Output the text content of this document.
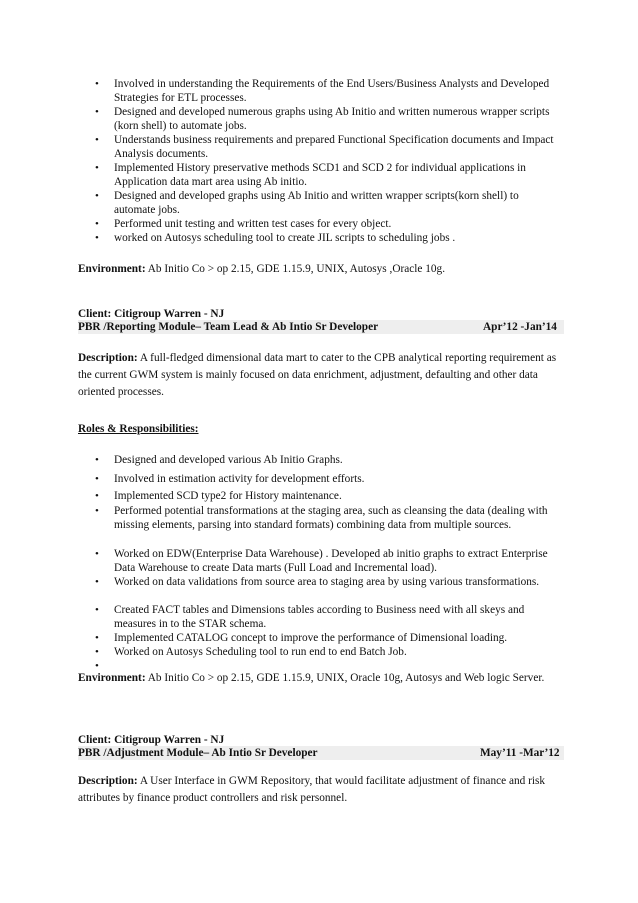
• Involved in understanding the Requirements of the End Users/Business Analysts and Developed Strategies for ETL processes.
• Designed and developed numerous graphs using Ab Initio and written numerous wrapper scripts (korn shell) to automate jobs.
• Understands business requirements and prepared Functional Specification documents and Impact Analysis documents.
• Implemented History preservative methods SCD1 and SCD 2 for individual applications in Application data mart area using Ab initio.
• Designed and developed graphs using Ab Initio and written wrapper scripts(korn shell) to automate jobs.
• Performed unit testing and written test cases for every object.
• worked on Autosys scheduling tool to create JIL scripts to scheduling jobs .
Environment: Ab Initio Co > op 2.15, GDE 1.15.9, UNIX, Autosys ,Oracle 10g.
Client: Citigroup Warren - NJ
PBR /Reporting Module– Team Lead & Ab Intio Sr Developer	Apr’12 -Jan’14
Description: A full-fledged dimensional data mart to cater to the CPB analytical reporting requirement as the current GWM system is mainly focused on data enrichment, adjustment, defaulting and other data oriented processes.
Roles & Responsibilities:
• Designed and developed various Ab Initio Graphs.
• Involved in estimation activity for development efforts.
• Implemented SCD type2 for History maintenance.
• Performed potential transformations at the staging area, such as cleansing the data (dealing with missing elements, parsing into standard formats) combining data from multiple sources.
• Worked on EDW(Enterprise Data Warehouse) . Developed ab initio graphs to extract Enterprise Data Warehouse to create Data marts (Full Load and Incremental load).
• Worked on data validations from source area to staging area by using various transformations.
• Created FACT tables and Dimensions tables according to Business need with all skeys and measures in to the STAR schema.
• Implemented CATALOG concept to improve the performance of Dimensional loading.
• Worked on Autosys Scheduling tool to run end to end Batch Job.
•
Environment: Ab Initio Co > op 2.15, GDE 1.15.9, UNIX, Oracle 10g, Autosys and Web logic Server.
Client: Citigroup Warren - NJ
PBR /Adjustment Module– Ab Intio Sr Developer	May’11 -Mar’12
Description: A User Interface in GWM Repository, that would facilitate adjustment of finance and risk attributes by finance product controllers and risk personnel.
